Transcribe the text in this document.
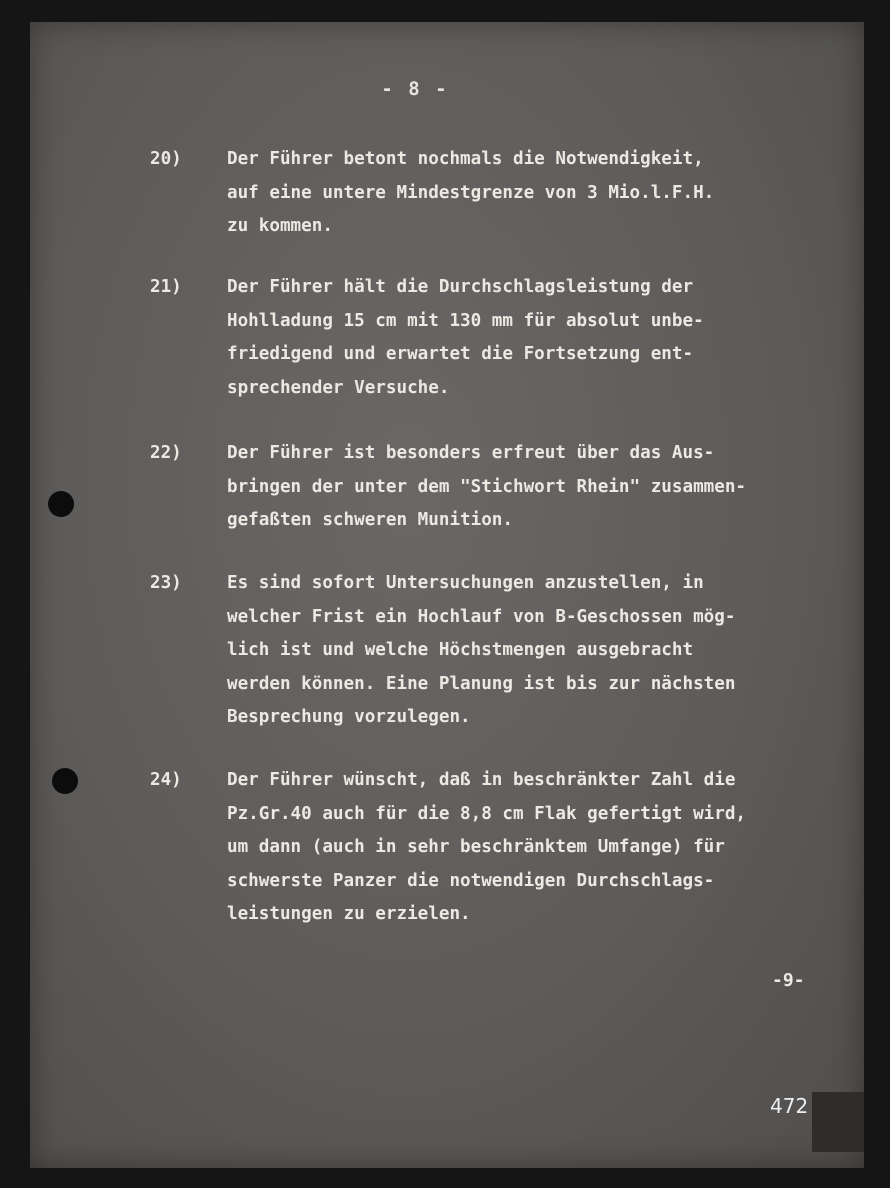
- 8 -
20)	Der Führer betont nochmals die Notwendigkeit,
auf eine untere Mindestgrenze von 3 Mio.l.F.H.
zu kommen.
21)	Der Führer hält die Durchschlagsleistung der
Hohlladung 15 cm mit 130 mm für absolut unbe-
friedigend und erwartet die Fortsetzung ent-
sprechender Versuche.
22)	Der Führer ist besonders erfreut über das Aus-
bringen der unter dem "Stichwort Rhein" zusammen-
gefaßten schweren Munition.
23)	Es sind sofort Untersuchungen anzustellen, in
welcher Frist ein Hochlauf von B-Geschossen mög-
lich ist und welche Höchstmengen ausgebracht
werden können. Eine Planung ist bis zur nächsten
Besprechung vorzulegen.
24)	Der Führer wünscht, daß in beschränkter Zahl die
Pz.Gr.40 auch für die 8,8 cm Flak gefertigt wird,
um dann (auch in sehr beschränktem Umfange) für
schwerste Panzer die notwendigen Durchschlags-
leistungen zu erzielen.
-9-
472
